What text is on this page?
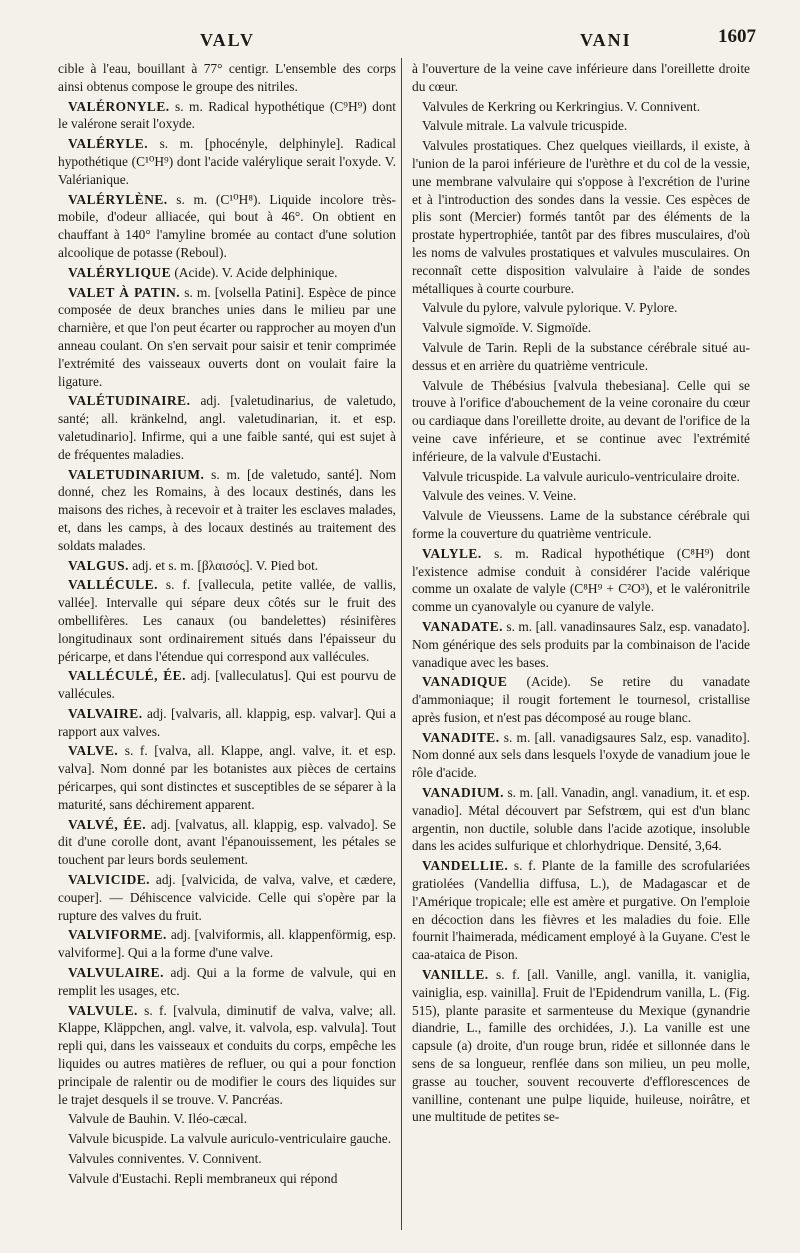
VALV	VANI	1607

cible à l'eau, bouillant à 77° centigr. L'ensemble des corps ainsi obtenus compose le groupe des nitriles.

VALÉRONYLE. s. m. Radical hypothétique (C⁹H⁹) dont le valérone serait l'oxyde.

VALÉRYLE. s. m. [phocényle, delphinyle]. Radical hypothétique (C¹⁰H⁹) dont l'acide valérylique serait l'oxyde. V. Valérianique.

VALÉRYLÈNE. s. m. (C¹⁰H⁸). Liquide incolore très-mobile, d'odeur alliacée, qui bout à 46°. On obtient en chauffant à 140° l'amyline bromée au contact d'une solution alcoolique de potasse (Reboul).

VALÉRYLIQUE (Acide). V. Acide delphinique.

VALET À PATIN. s. m. [volsella Patini]. Espèce de pince composée de deux branches unies dans le milieu par une charnière, et que l'on peut écarter ou rapprocher au moyen d'un anneau coulant. On s'en servait pour saisir et tenir comprimée l'extrémité des vaisseaux ouverts dont on voulait faire la ligature.

VALÉTUDINAIRE. adj. [valetudinarius, de valetudo, santé; all. kränkelnd, angl. valetudinarian, it. et esp. valetudinario]. Infirme, qui a une faible santé, qui est sujet à de fréquentes maladies.

VALETUDINARIUM. s. m. [de valetudo, santé]. Nom donné, chez les Romains, à des locaux destinés, dans les maisons des riches, à recevoir et à traiter les esclaves malades, et, dans les camps, à des locaux destinés au traitement des soldats malades.

VALGUS. adj. et s. m. [βλαισός]. V. Pied bot.

VALLÉCULE. s. f. [vallecula, petite vallée, de vallis, vallée]. Intervalle qui sépare deux côtés sur le fruit des ombellifères. Les canaux (ou bandelettes) résinifères longitudinaux sont ordinairement situés dans l'épaisseur du péricarpe, et dans l'étendue qui correspond aux vallécules.

VALLÉCULÉ, ÉE. adj. [valleculatus]. Qui est pourvu de vallécules.

VALVAIRE. adj. [valvaris, all. klappig, esp. valvar]. Qui a rapport aux valves.

VALVE. s. f. [valva, all. Klappe, angl. valve, it. et esp. valva]. Nom donné par les botanistes aux pièces de certains péricarpes, qui sont distinctes et susceptibles de se séparer à la maturité, sans déchirement apparent.

VALVÉ, ÉE. adj. [valvatus, all. klappig, esp. valvado]. Se dit d'une corolle dont, avant l'épanouissement, les pétales se touchent par leurs bords seulement.

VALVICIDE. adj. [valvicida, de valva, valve, et cædere, couper]. — Déhiscence valvicide. Celle qui s'opère par la rupture des valves du fruit.

VALVIFORME. adj. [valviformis, all. klappenförmig, esp. valviforme]. Qui a la forme d'une valve.

VALVULAIRE. adj. Qui a la forme de valvule, qui en remplit les usages, etc.

VALVULE. s. f. [valvula, diminutif de valva, valve; all. Klappe, Kläppchen, angl. valve, it. valvola, esp. valvula]. Tout repli qui, dans les vaisseaux et conduits du corps, empêche les liquides ou autres matières de refluer, ou qui a pour fonction principale de ralentir ou de modifier le cours des liquides sur le trajet desquels il se trouve. V. Pancréas.

Valvule de Bauhin. V. Iléo-cæcal.

Valvule bicuspide. La valvule auriculo-ventriculaire gauche.

Valvules conniventes. V. Connivent.

Valvule d'Eustachi. Repli membraneux qui répond

à l'ouverture de la veine cave inférieure dans l'oreillette droite du cœur.

Valvules de Kerkring ou Kerkringius. V. Connivent.

Valvule mitrale. La valvule tricuspide.

Valvules prostatiques. Chez quelques vieillards, il existe, à l'union de la paroi inférieure de l'urèthre et du col de la vessie, une membrane valvulaire qui s'oppose à l'excrétion de l'urine et à l'introduction des sondes dans la vessie. Ces espèces de plis sont (Mercier) formés tantôt par des éléments de la prostate hypertrophiée, tantôt par des fibres musculaires, d'où les noms de valvules prostatiques et valvules musculaires. On reconnaît cette disposition valvulaire à l'aide de sondes métalliques à courte courbure.

Valvule du pylore, valvule pylorique. V. Pylore.

Valvule sigmoïde. V. Sigmoïde.

Valvule de Tarin. Repli de la substance cérébrale situé au-dessus et en arrière du quatrième ventricule.

Valvule de Thébésius [valvula thebesiana]. Celle qui se trouve à l'orifice d'abouchement de la veine coronaire du cœur ou cardiaque dans l'oreillette droite, au devant de l'orifice de la veine cave inférieure, et se continue avec l'extrémité inférieure, de la valvule d'Eustachi.

Valvule tricuspide. La valvule auriculo-ventriculaire droite.

Valvule des veines. V. Veine.

Valvule de Vieussens. Lame de la substance cérébrale qui forme la couverture du quatrième ventricule.

VALYLE. s. m. Radical hypothétique (C⁸H⁹) dont l'existence admise conduit à considérer l'acide valérique comme un oxalate de valyle (C⁸H⁹ + C²O³), et le valéronitrile comme un cyanovalyle ou cyanure de valyle.

VANADATE. s. m. [all. vanadinsaures Salz, esp. vanadato]. Nom générique des sels produits par la combinaison de l'acide vanadique avec les bases.

VANADIQUE (Acide). Se retire du vanadate d'ammoniaque; il rougit fortement le tournesol, cristallise après fusion, et n'est pas décomposé au rouge blanc.

VANADITE. s. m. [all. vanadigsaures Salz, esp. vanadito]. Nom donné aux sels dans lesquels l'oxyde de vanadium joue le rôle d'acide.

VANADIUM. s. m. [all. Vanadin, angl. vanadium, it. et esp. vanadio]. Métal découvert par Sefstrœm, qui est d'un blanc argentin, non ductile, soluble dans l'acide azotique, insoluble dans les acides sulfurique et chlorhydrique. Densité, 3,64.

VANDELLIE. s. f. Plante de la famille des scrofulariées gratiolées (Vandellia diffusa, L.), de Madagascar et de l'Amérique tropicale; elle est amère et purgative. On l'emploie en décoction dans les fièvres et les maladies du foie. Elle fournit l'haimerada, médicament employé à la Guyane. C'est le caa-ataica de Pison.

VANILLE. s. f. [all. Vanille, angl. vanilla, it. vaniglia, vainiglia, esp. vainilla]. Fruit de l'Epidendrum vanilla, L. (Fig. 515), plante parasite et sarmenteuse du Mexique (gynandrie diandrie, L., famille des orchidées, J.). La vanille est une capsule (a) droite, d'un rouge brun, ridée et sillonnée dans le sens de sa longueur, renflée dans son milieu, un peu molle, grasse au toucher, souvent recouverte d'efflorescences de vanilline, contenant une pulpe liquide, huileuse, noirâtre, et une multitude de petites se-
